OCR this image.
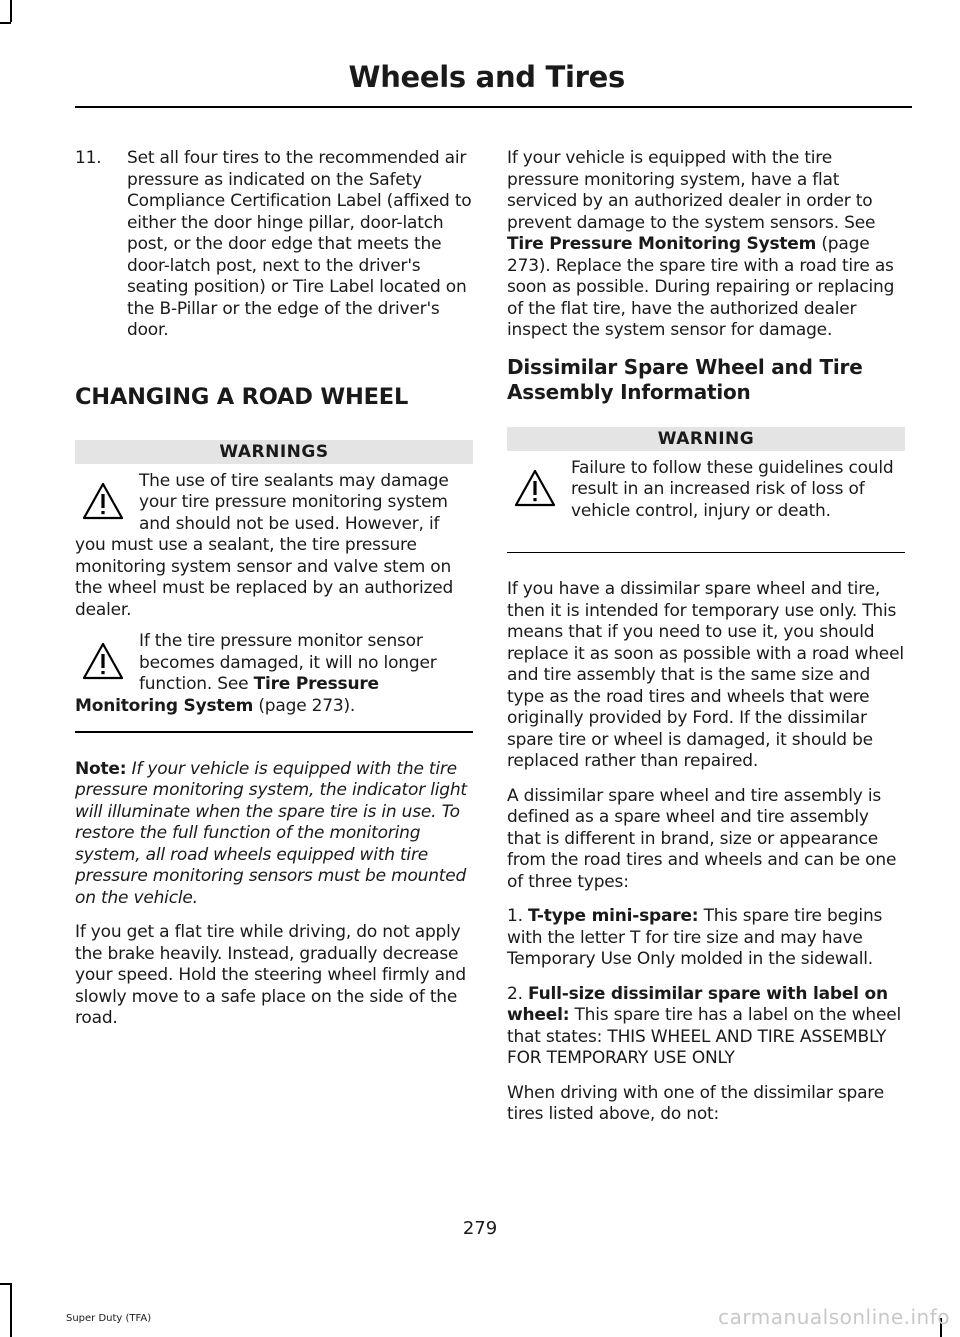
Wheels and Tires
11.	Set all four tires to the recommended air pressure as indicated on the Safety Compliance Certification Label (affixed to either the door hinge pillar, door-latch post, or the door edge that meets the door-latch post, next to the driver's seating position) or Tire Label located on the B-Pillar or the edge of the driver's door.
CHANGING A ROAD WHEEL
WARNINGS

The use of tire sealants may damage your tire pressure monitoring system and should not be used. However, if you must use a sealant, the tire pressure monitoring system sensor and valve stem on the wheel must be replaced by an authorized dealer.

If the tire pressure monitor sensor becomes damaged, it will no longer function. See Tire Pressure Monitoring System (page 273).

Note: If your vehicle is equipped with the tire pressure monitoring system, the indicator light will illuminate when the spare tire is in use. To restore the full function of the monitoring system, all road wheels equipped with tire pressure monitoring sensors must be mounted on the vehicle.

If you get a flat tire while driving, do not apply the brake heavily. Instead, gradually decrease your speed. Hold the steering wheel firmly and slowly move to a safe place on the side of the road.

If your vehicle is equipped with the tire pressure monitoring system, have a flat serviced by an authorized dealer in order to prevent damage to the system sensors. See Tire Pressure Monitoring System (page 273). Replace the spare tire with a road tire as soon as possible. During repairing or replacing of the flat tire, have the authorized dealer inspect the system sensor for damage.

Dissimilar Spare Wheel and Tire Assembly Information
WARNING

Failure to follow these guidelines could result in an increased risk of loss of vehicle control, injury or death.

If you have a dissimilar spare wheel and tire, then it is intended for temporary use only. This means that if you need to use it, you should replace it as soon as possible with a road wheel and tire assembly that is the same size and type as the road tires and wheels that were originally provided by Ford. If the dissimilar spare tire or wheel is damaged, it should be replaced rather than repaired.

A dissimilar spare wheel and tire assembly is defined as a spare wheel and tire assembly that is different in brand, size or appearance from the road tires and wheels and can be one of three types:

1. T-type mini-spare: This spare tire begins with the letter T for tire size and may have Temporary Use Only molded in the sidewall.

2. Full-size dissimilar spare with label on wheel: This spare tire has a label on the wheel that states: THIS WHEEL AND TIRE ASSEMBLY FOR TEMPORARY USE ONLY

When driving with one of the dissimilar spare tires listed above, do not:

279
Super Duty (TFA)	carmanualsonline.info
